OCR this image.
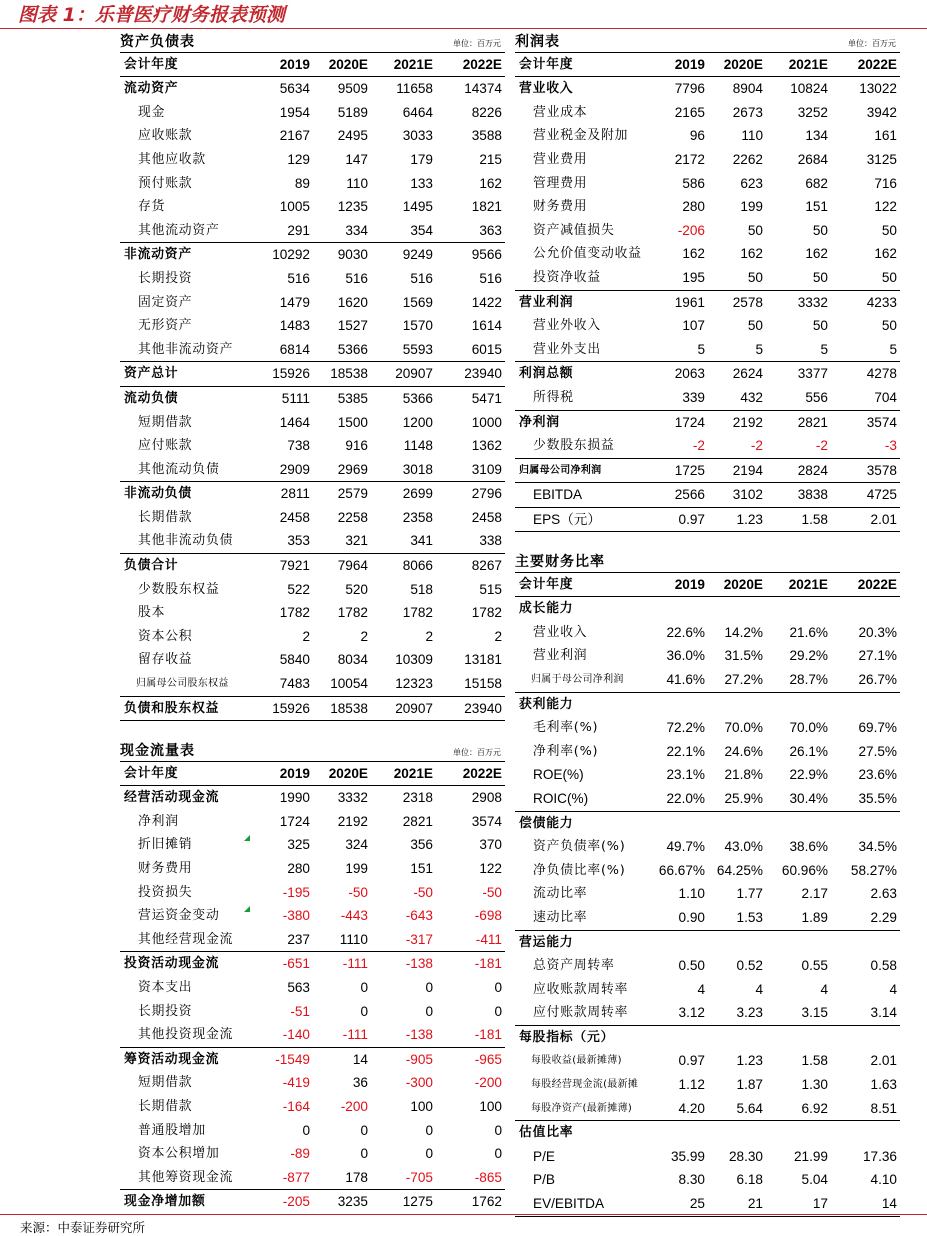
图表 1：乐普医疗财务报表预测
资产负债表	单位：百万元
会计年度	2019 2020E 2021E 2022E
流动资产	5634 9509 11658 14374
现金	1954 5189	6464	8226
应收账款	2167 2495	3033	3588
其他应收款	129	147	179	215
预付账款	89	110	133	162
存货	1005 1235	1495	1821
其他流动资产	291	334	354	363
非流动资产	10292 9030	9249	9566
长期投资	516	516	516	516
固定资产	1479 1620	1569	1422
无形资产	1483 1527	1570	1614
其他非流动资产	6814 5366	5593	6015
资产总计	15926 18538 20907 23940
流动负债	5111 5385	5366	5471
短期借款	1464 1500	1200	1000
应付账款	738	916	1148	1362
其他流动负债	2909 2969	3018	3109
非流动负债	2811 2579	2699	2796
长期借款	2458 2258	2358	2458
其他非流动负债	353	321	341	338
负债合计	7921 7964	8066	8267
少数股东权益	522	520	518	515
股本	1782 1782	1782	1782
资本公积	2	2	2	2
留存收益	5840 8034 10309 13181
归属母公司股东权益	7483 10054 12323 15158
负债和股东权益	15926 18538 20907 23940
现金流量表	单位：百万元
会计年度	2019 2020E 2021E 2022E
经营活动现金流	1990 3332	2318	2908
净利润	1724 2192	2821	3574
折旧摊销	325	324	356	370
财务费用	280	199	151	122
投资损失	-195	-50	-50	-50
营运资金变动	-380 -443	-643	-698
其他经营现金流	237 1110	-317	-411
投资活动现金流	-651 -111	-138	-181
资本支出	563	0	0	0
长期投资	-51	0	0	0
其他投资现金流	-140 -111	-138	-181
筹资活动现金流	-1549	14	-905	-965
短期借款	-419	36	-300	-200
长期借款	-164 -200	100	100
普通股增加	0	0	0	0
资本公积增加	-89	0	0	0
其他筹资现金流	-877	178	-705	-865
现金净增加额	-205 3235	1275	1762
利润表	单位：百万元
会计年度	2019 2020E 2021E 2022E
营业收入	7796 8904 10824 13022
营业成本	2165 2673	3252	3942
营业税金及附加	96	110	134	161
营业费用	2172 2262	2684	3125
管理费用	586	623	682	716
财务费用	280	199	151	122
资产减值损失	-206	50	50	50
公允价值变动收益	162	162	162	162
投资净收益	195	50	50	50
营业利润	1961 2578	3332	4233
营业外收入	107	50	50	50
营业外支出	5	5	5	5
利润总额	2063 2624	3377	4278
所得税	339	432	556	704
净利润	1724 2192	2821	3574
少数股东损益	-2	-2	-2	-3
归属母公司净利润	1725 2194	2824	3578
EBITDA	2566 3102	3838	4725
EPS（元）	0.97 1.23	1.58	2.01
主要财务比率
会计年度	2019 2020E 2021E 2022E
成长能力
营业收入	22.6% 14.2% 21.6% 20.3%
营业利润	36.0% 31.5% 29.2% 27.1%
归属于母公司净利润	41.6% 27.2% 28.7% 26.7%
获利能力
毛利率(%)	72.2% 70.0% 70.0% 69.7%
净利率(%)	22.1% 24.6% 26.1% 27.5%
ROE(%)	23.1% 21.8% 22.9% 23.6%
ROIC(%)	22.0% 25.9% 30.4% 35.5%
偿债能力
资产负债率(%)	49.7% 43.0% 38.6% 34.5%
净负债比率(%) 66.67% 64.25% 60.96% 58.27%
流动比率	1.10 1.77	2.17	2.63
速动比率	0.90 1.53	1.89	2.29
营运能力
总资产周转率	0.50 0.52	0.55	0.58
应收账款周转率	4	4	4	4
应付账款周转率	3.12 3.23	3.15	3.14
每股指标（元）
每股收益(最新摊薄)	0.97 1.23	1.58	2.01
每股经营现金流(最新摊	1.12 1.87	1.30	1.63
每股净资产(最新摊薄)	4.20 5.64	6.92	8.51
估值比率
P/E	35.99 28.30 21.99	17.36
P/B	8.30 6.18	5.04	4.10
EV/EBITDA	25	21	17	14
来源：中泰证券研究所
